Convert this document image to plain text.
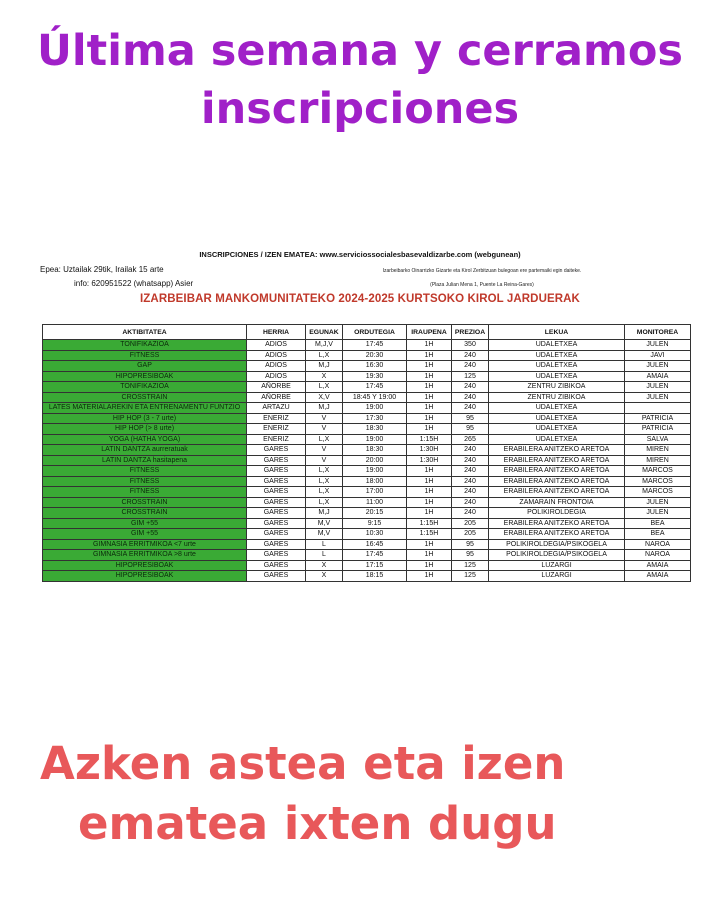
Última semana y cerramos
inscripciones
INSCRIPCIONES / IZEN EMATEA: www.serviciossocialesbasevaldizarbe.com (webgunean)
Epea: Uztailak 29tik, Irailak 15 arte
info: 620951522 (whatsapp) Asier
Izarbeibarko Oinarrizko Gizarte eta Kirol Zerbitzuan bulegoan ere partemaiki egin daiteke.
(Plaza Julian Mena 1, Puente La Reina-Gares)
IZARBEIBAR MANKOMUNITATEKO 2024-2025 KURTSOKO KIROL JARDUERAK
AKTIBITATEA	HERRIA	EGUNAK	ORDUTEGIA	IRAUPENA	PREZIOA	LEKUA	MONITOREA
TONIFIKAZIOA	ADIOS	M,J,V	17:45	1H	350	UDALETXEA	JULEN
FITNESS	ADIOS	L,X	20:30	1H	240	UDALETXEA	JAVI
GAP	ADIOS	M,J	16:30	1H	240	UDALETXEA	JULEN
HIPOPRESIBOAK	ADIOS	X	19:30	1H	125	UDALETXEA	AMAIA
TONIFIKAZIOA	AÑORBE	L,X	17:45	1H	240	ZENTRU ZIBIKOA	JULEN
CROSSTRAIN	AÑORBE	X,V	18:45 Y 19:00	1H	240	ZENTRU ZIBIKOA	JULEN
LATES MATERIALAREKIN ETA ENTRENAMENTU FUNTZIO	ARTAZU	M,J	19:00	1H	240	UDALETXEA	
HIP HOP (3 - 7 urte)	ENERIZ	V	17:30	1H	95	UDALETXEA	PATRICIA
HIP HOP (> 8 urte)	ENERIZ	V	18:30	1H	95	UDALETXEA	PATRICIA
YOGA (HATHA YOGA)	ENERIZ	L,X	19:00	1:15H	265	UDALETXEA	SALVA
LATIN DANTZA aurreratuak	GARES	V	18:30	1:30H	240	ERABILERA ANITZEKO ARETOA	MIREN
LATIN DANTZA hasitapena	GARES	V	20:00	1:30H	240	ERABILERA ANITZEKO ARETOA	MIREN
FITNESS	GARES	L,X	19:00	1H	240	ERABILERA ANITZEKO ARETOA	MARCOS
FITNESS	GARES	L,X	18:00	1H	240	ERABILERA ANITZEKO ARETOA	MARCOS
FITNESS	GARES	L,X	17:00	1H	240	ERABILERA ANITZEKO ARETOA	MARCOS
CROSSTRAIN	GARES	L,X	11:00	1H	240	ZAMARAIN FRONTOIA	JULEN
CROSSTRAIN	GARES	M,J	20:15	1H	240	POLIKIROLDEGIA	JULEN
GIM +55	GARES	M,V	9:15	1:15H	205	ERABILERA ANITZEKO ARETOA	BEA
GIM +55	GARES	M,V	10:30	1:15H	205	ERABILERA ANITZEKO ARETOA	BEA
GIMNASIA ERRITMIKOA <7 urte	GARES	L	16:45	1H	95	POLIKIROLDEGIA/PSIKOGELA	NAROA
GIMNASIA ERRITMIKOA >8 urte	GARES	L	17:45	1H	95	POLIKIROLDEGIA/PSIKOGELA	NAROA
HIPOPRESIBOAK	GARES	X	17:15	1H	125	LUZARGI	AMAIA
HIPOPRESIBOAK	GARES	X	18:15	1H	125	LUZARGI	AMAIA
Azken astea eta izen
ematea ixten dugu
